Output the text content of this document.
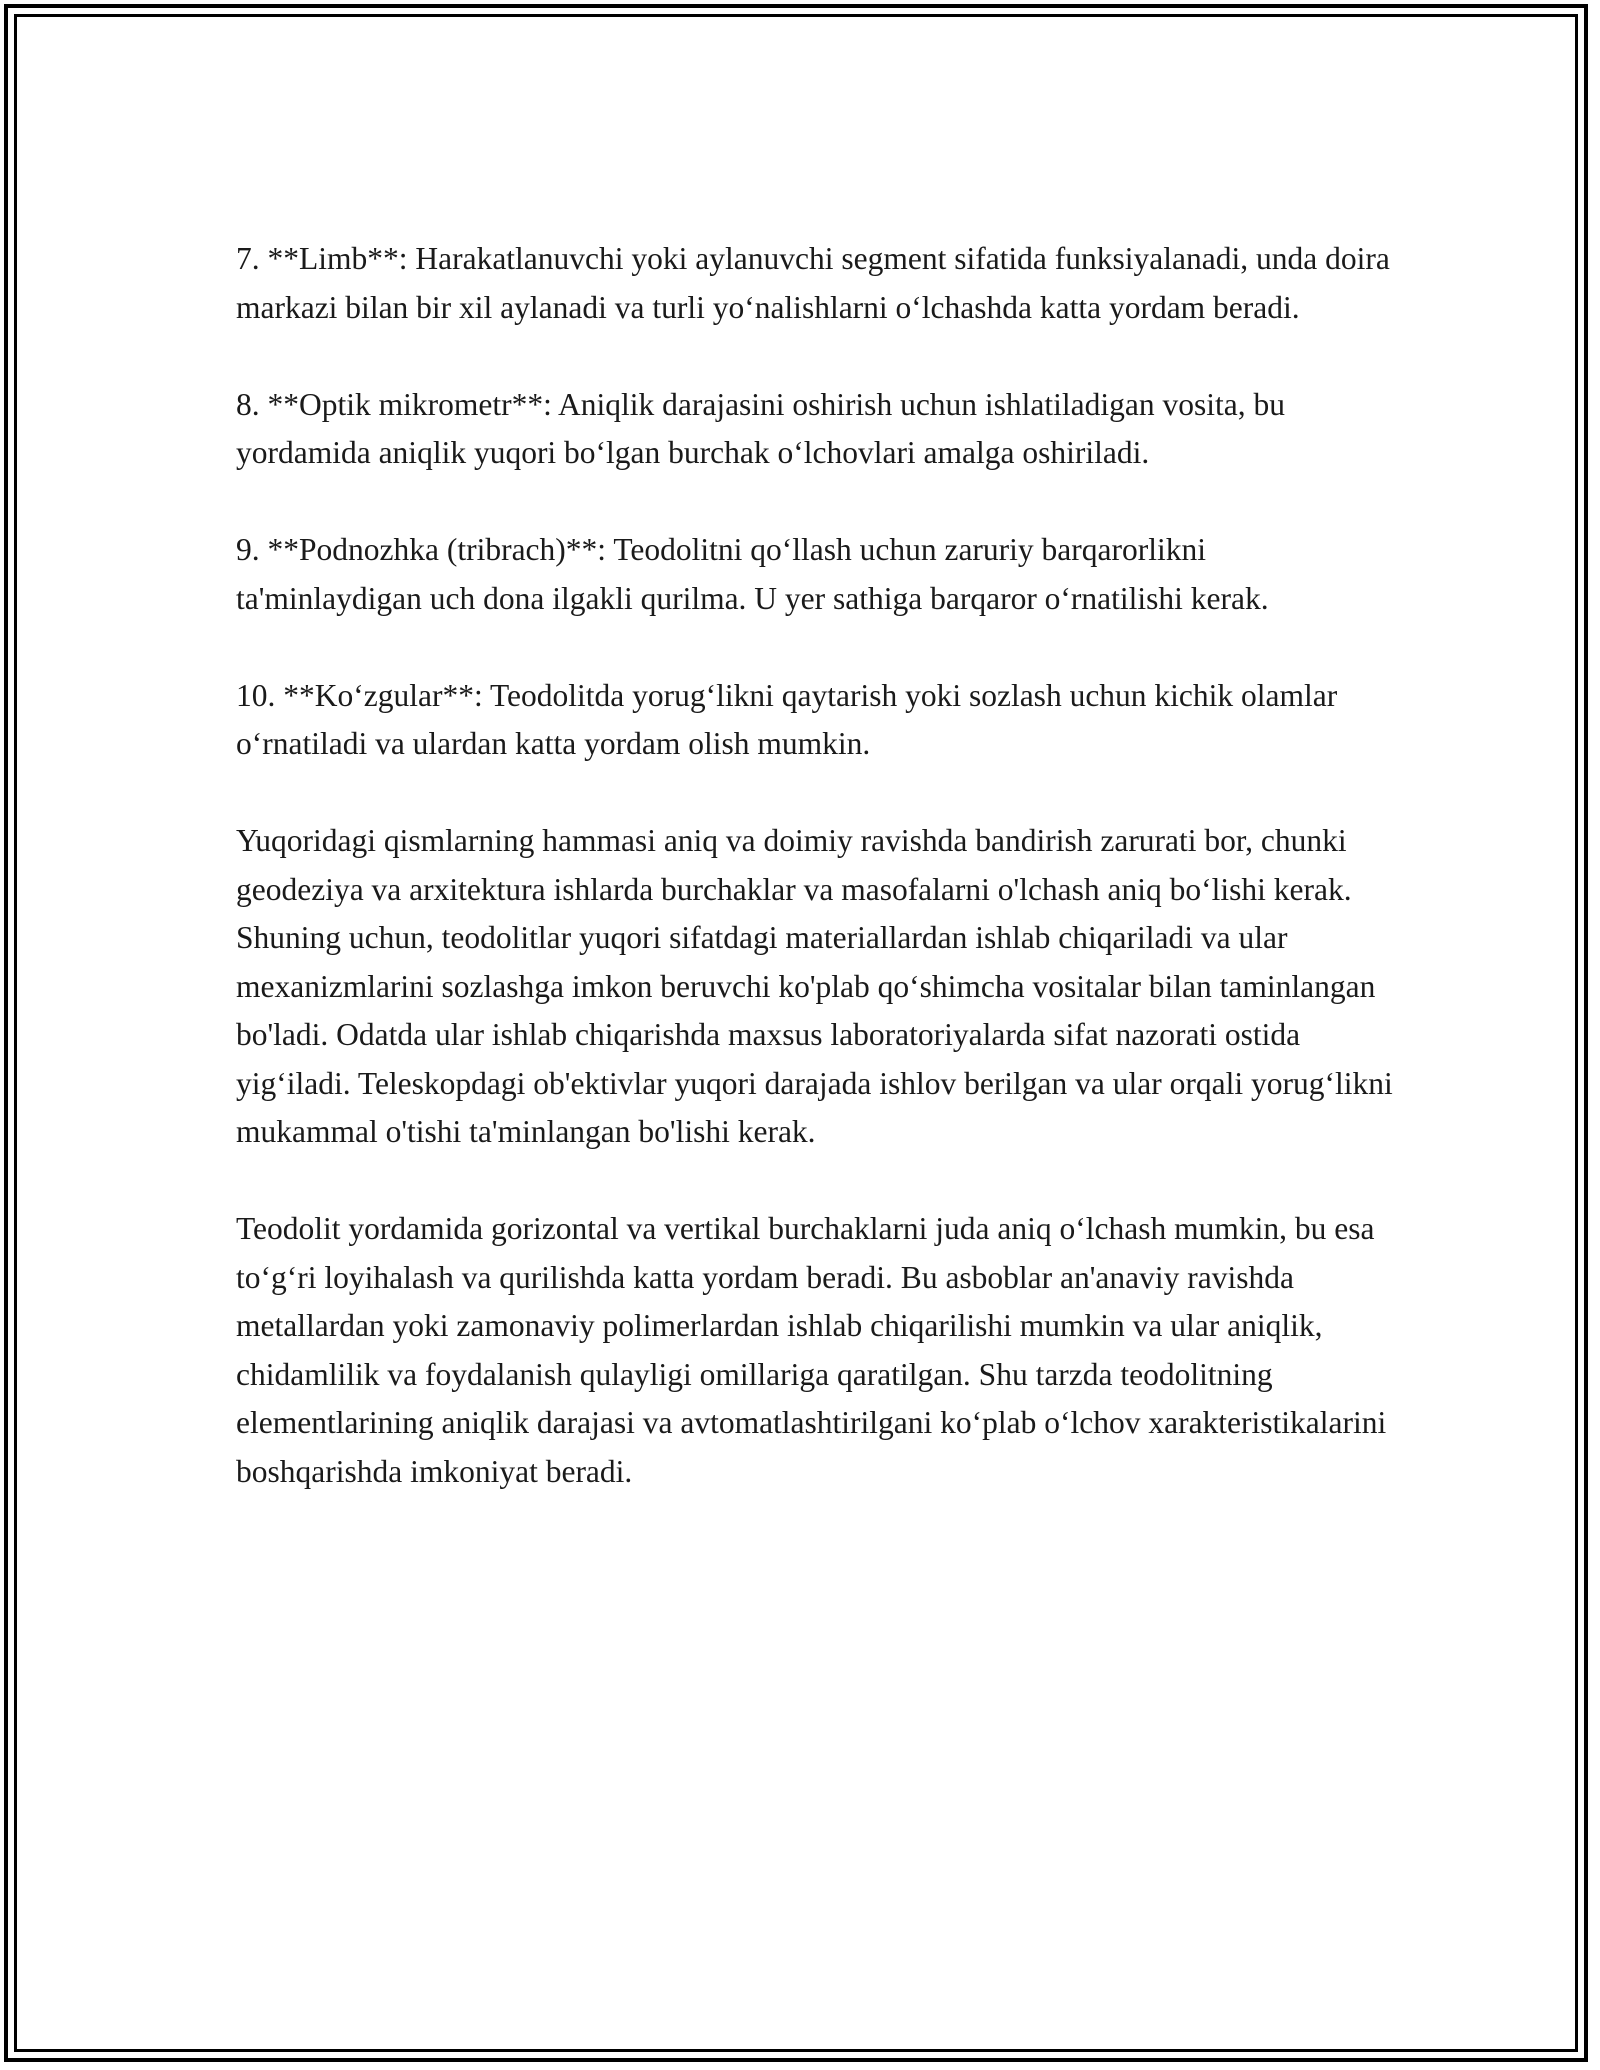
7. **Limb**: Harakatlanuvchi yoki aylanuvchi segment sifatida funksiyalanadi, unda doira markazi bilan bir xil aylanadi va turli yo‘nalishlarni o‘lchashda katta yordam beradi.

8. **Optik mikrometr**: Aniqlik darajasini oshirish uchun ishlatiladigan vosita, bu yordamida aniqlik yuqori bo‘lgan burchak o‘lchovlari amalga oshiriladi.

9. **Podnozhka (tribrach)**: Teodolitni qo‘llash uchun zaruriy barqarorlikni ta'minlaydigan uch dona ilgakli qurilma. U yer sathiga barqaror o‘rnatilishi kerak.

10. **Ko‘zgular**: Teodolitda yorug‘likni qaytarish yoki sozlash uchun kichik olamlar o‘rnatiladi va ulardan katta yordam olish mumkin.

Yuqoridagi qismlarning hammasi aniq va doimiy ravishda bandirish zarurati bor, chunki geodeziya va arxitektura ishlarda burchaklar va masofalarni o'lchash aniq bo‘lishi kerak. Shuning uchun, teodolitlar yuqori sifatdagi materiallardan ishlab chiqariladi va ular mexanizmlarini sozlashga imkon beruvchi ko'plab qo‘shimcha vositalar bilan taminlangan bo'ladi. Odatda ular ishlab chiqarishda maxsus laboratoriyalarda sifat nazorati ostida yig‘iladi. Teleskopdagi ob'ektivlar yuqori darajada ishlov berilgan va ular orqali yorug‘likni mukammal o'tishi ta'minlangan bo'lishi kerak.

Teodolit yordamida gorizontal va vertikal burchaklarni juda aniq o‘lchash mumkin, bu esa to‘g‘ri loyihalash va qurilishda katta yordam beradi. Bu asboblar an'anaviy ravishda metallardan yoki zamonaviy polimerlardan ishlab chiqarilishi mumkin va ular aniqlik, chidamlilik va foydalanish qulayligi omillariga qaratilgan. Shu tarzda teodolitning elementlarining aniqlik darajasi va avtomatlashtirilgani ko‘plab o‘lchov xarakteristikalarini boshqarishda imkoniyat beradi.
